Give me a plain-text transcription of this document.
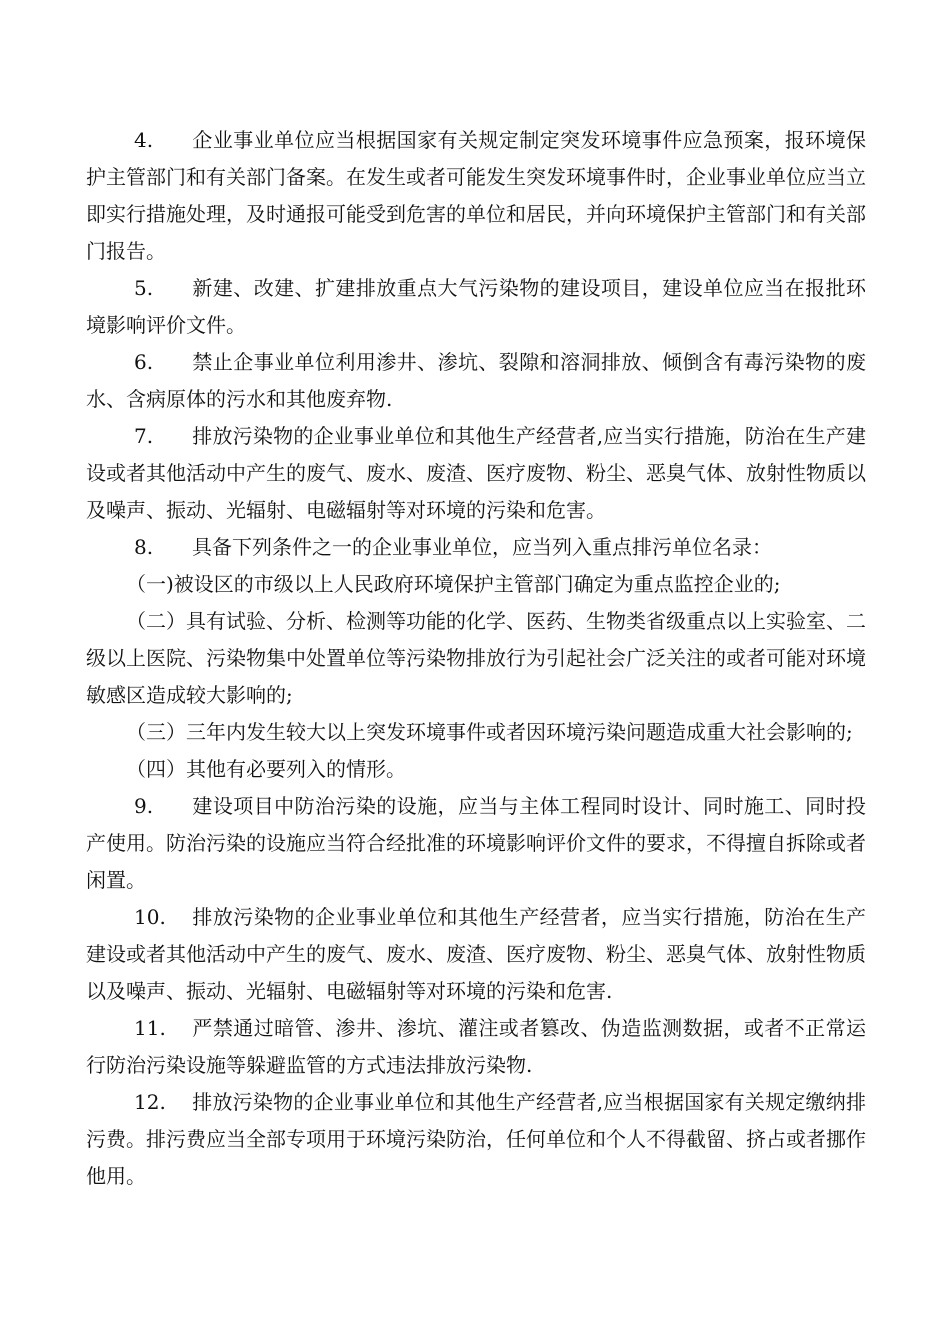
4. 企业事业单位应当根据国家有关规定制定突发环境事件应急预案，报环境保护主管部门和有关部门备案。在发生或者可能发生突发环境事件时，企业事业单位应当立即实行措施处理，及时通报可能受到危害的单位和居民，并向环境保护主管部门和有关部门报告。

5. 新建、改建、扩建排放重点大气污染物的建设项目，建设单位应当在报批环境影响评价文件。

6. 禁止企事业单位利用渗井、渗坑、裂隙和溶洞排放、倾倒含有毒污染物的废水、含病原体的污水和其他废弃物.

7. 排放污染物的企业事业单位和其他生产经营者,应当实行措施，防治在生产建设或者其他活动中产生的废气、废水、废渣、医疗废物、粉尘、恶臭气体、放射性物质以及噪声、振动、光辐射、电磁辐射等对环境的污染和危害。

8. 具备下列条件之一的企业事业单位，应当列入重点排污单位名录：

（一)被设区的市级以上人民政府环境保护主管部门确定为重点监控企业的;

（二）具有试验、分析、检测等功能的化学、医药、生物类省级重点以上实验室、二级以上医院、污染物集中处置单位等污染物排放行为引起社会广泛关注的或者可能对环境敏感区造成较大影响的;

（三）三年内发生较大以上突发环境事件或者因环境污染问题造成重大社会影响的;

（四）其他有必要列入的情形。

9. 建设项目中防治污染的设施，应当与主体工程同时设计、同时施工、同时投产使用。防治污染的设施应当符合经批准的环境影响评价文件的要求，不得擅自拆除或者闲置。

10. 排放污染物的企业事业单位和其他生产经营者，应当实行措施，防治在生产建设或者其他活动中产生的废气、废水、废渣、医疗废物、粉尘、恶臭气体、放射性物质以及噪声、振动、光辐射、电磁辐射等对环境的污染和危害.

11. 严禁通过暗管、渗井、渗坑、灌注或者篡改、伪造监测数据，或者不正常运行防治污染设施等躲避监管的方式违法排放污染物.

12. 排放污染物的企业事业单位和其他生产经营者,应当根据国家有关规定缴纳排污费。排污费应当全部专项用于环境污染防治，任何单位和个人不得截留、挤占或者挪作他用。
